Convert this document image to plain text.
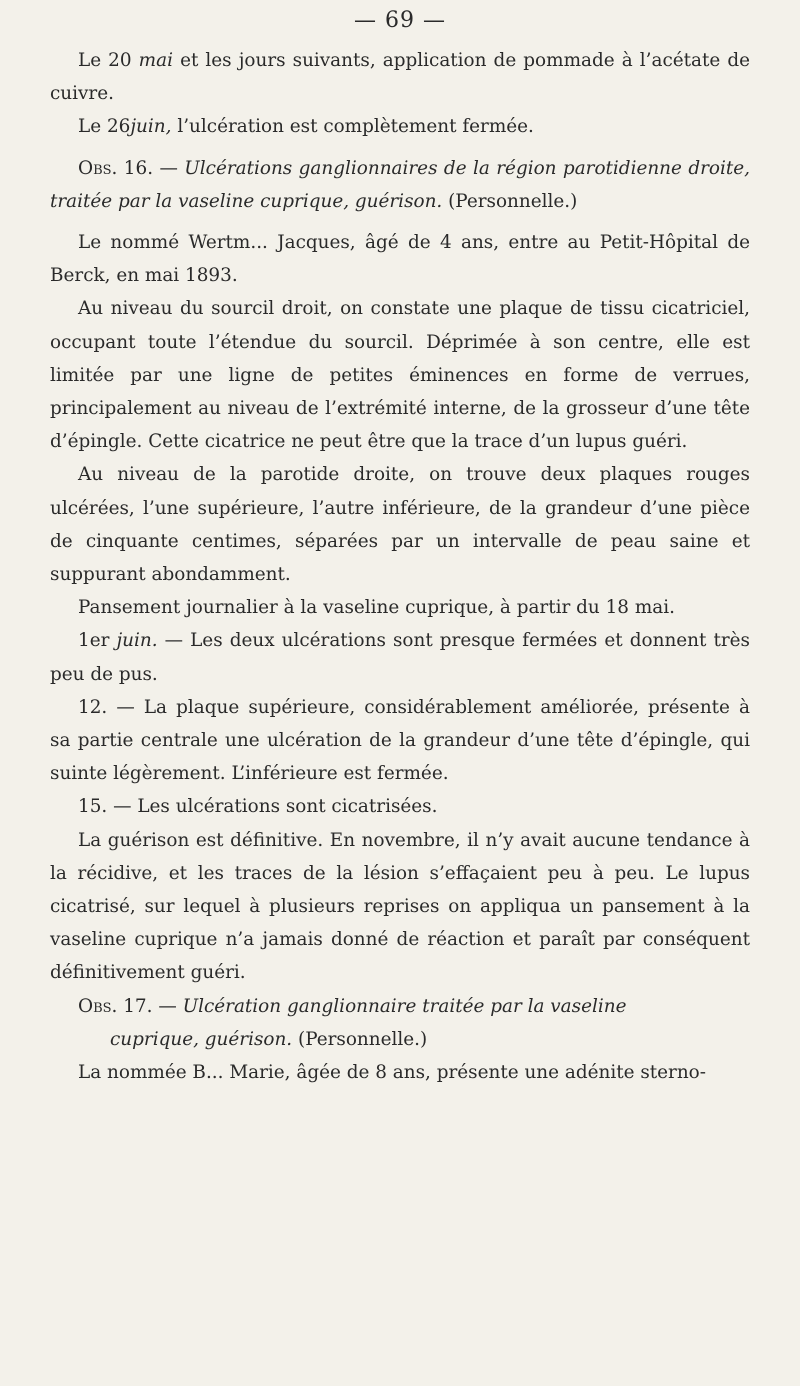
— 69 —

Le 20 mai et les jours suivants, application de pommade à l’acétate de cuivre.

Le 26juin, l’ulcération est complètement fermée.

Obs. 16. — Ulcérations ganglionnaires de la région parotidienne droite, traitée par la vaseline cuprique, guérison. (Personnelle.)

Le nommé Wertm... Jacques, âgé de 4 ans, entre au Petit-Hôpital de Berck, en mai 1893.

Au niveau du sourcil droit, on constate une plaque de tissu cicatriciel, occupant toute l’étendue du sourcil. Déprimée à son centre, elle est limitée par une ligne de petites éminences en forme de verrues, principalement au niveau de l’extrémité interne, de la grosseur d’une tête d’épingle. Cette cicatrice ne peut être que la trace d’un lupus guéri.

Au niveau de la parotide droite, on trouve deux plaques rouges ulcérées, l’une supérieure, l’autre inférieure, de la grandeur d’une pièce de cinquante centimes, séparées par un intervalle de peau saine et suppurant abondamment.

Pansement journalier à la vaseline cuprique, à partir du 18 mai.

1er juin. — Les deux ulcérations sont presque fermées et donnent très peu de pus.

12. — La plaque supérieure, considérablement améliorée, présente à sa partie centrale une ulcération de la grandeur d’une tête d’épingle, qui suinte légèrement. L’inférieure est fermée.

15. — Les ulcérations sont cicatrisées.

La guérison est définitive. En novembre, il n’y avait aucune tendance à la récidive, et les traces de la lésion s’effaçaient peu à peu. Le lupus cicatrisé, sur lequel à plusieurs reprises on appliqua un pansement à la vaseline cuprique n’a jamais donné de réaction et paraît par conséquent définitivement guéri.

Obs. 17. — Ulcération ganglionnaire traitée par la vaseline
cuprique, guérison. (Personnelle.)

La nommée B... Marie, âgée de 8 ans, présente une adénite sterno-
